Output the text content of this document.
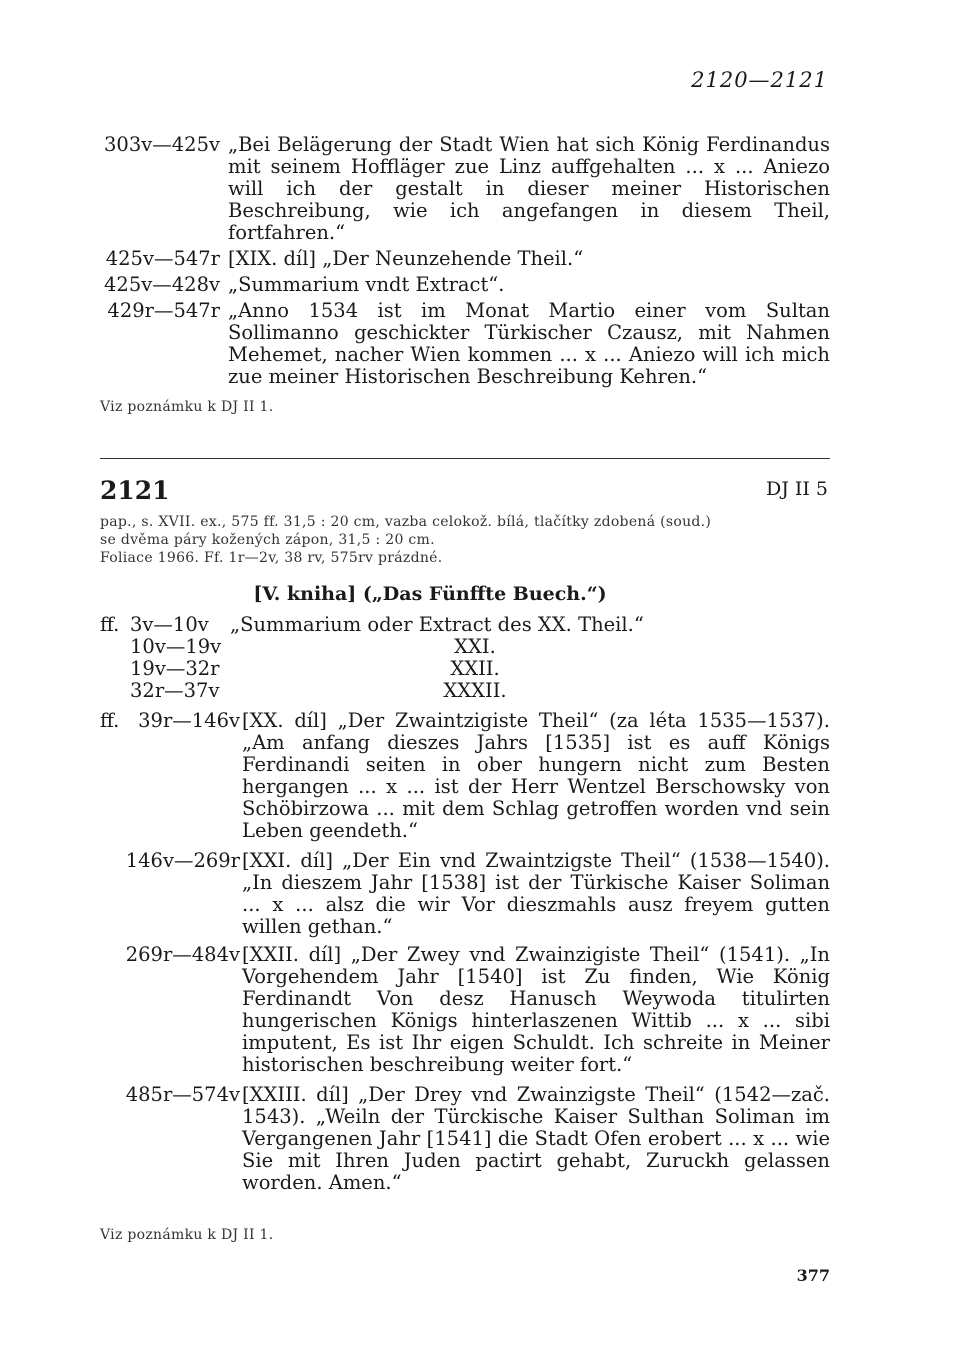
2120—2121
303v—425v „Bei Belägerung der Stadt Wien hat sich König Ferdinandus mit seinem Hoffläger zue Linz auffgehalten ... x ... Aniezo will ich der gestalt in dieser meiner Historischen Beschreibung, wie ich angefangen in diesem Theil, fortfahren.“
425v—547r [XIX. díl] „Der Neunzehende Theil.“
425v—428v „Summarium vndt Extract“.
429r—547r „Anno 1534 ist im Monat Martio einer vom Sultan Sollimanno geschickter Türkischer Czausz, mit Nahmen Mehemet, nacher Wien kommen ... x ... Aniezo will ich mich zue meiner Historischen Beschreibung Kehren.“
Viz poznámku k DJ II 1.
2121	DJ II 5
pap., s. XVII. ex., 575 ff. 31,5 : 20 cm, vazba celokož. bílá, tlačítky zdobená (soud.)
se dvěma páry kožených zápon, 31,5 : 20 cm.
Foliace 1966. Ff. 1r—2v, 38 rv, 575rv prázdné.
[V. kniha] („Das Fünffte Buech.“)
ff. 3v—10v	„Summarium oder Extract des XX. Theil.“
10v—19v	XXI.
19v—32r	XXII.
32r—37v	XXXII.
ff. 39r—146v [XX. díl] „Der Zwaintzigiste Theil“ (za léta 1535—1537). „Am anfang dieszes Jahrs [1535] ist es auff Königs Ferdinandi seiten in ober hungern nicht zum Besten hergangen ... x ... ist der Herr Wentzel Berschowsky von Schöbirzowa ... mit dem Schlag getroffen worden vnd sein Leben geendeth.“
146v—269r [XXI. díl] „Der Ein vnd Zwaintzigste Theil“ (1538—1540). „In dieszem Jahr [1538] ist der Türkische Kaiser Soliman ... x ... alsz die wir Vor dieszmahls ausz freyem gutten willen gethan.“
269r—484v [XXII. díl] „Der Zwey vnd Zwainzigiste Theil“ (1541). „In Vorgehendem Jahr [1540] ist Zu finden, Wie König Ferdinandt Von desz Hanusch Weywoda titulirten hungerischen Königs hinterlaszenen Wittib ... x ... sibi imputent, Es ist Ihr eigen Schuldt. Ich schreite in Meiner historischen beschreibung weiter fort.“
485r—574v [XXIII. díl] „Der Drey vnd Zwainzigste Theil“ (1542—zač. 1543). „Weiln der Türckische Kaiser Sulthan Soliman im Vergangenen Jahr [1541] die Stadt Ofen erobert ... x ... wie Sie mit Ihren Juden pactirt gehabt, Zuruckh gelassen worden. Amen.“
Viz poznámku k DJ II 1.
377
